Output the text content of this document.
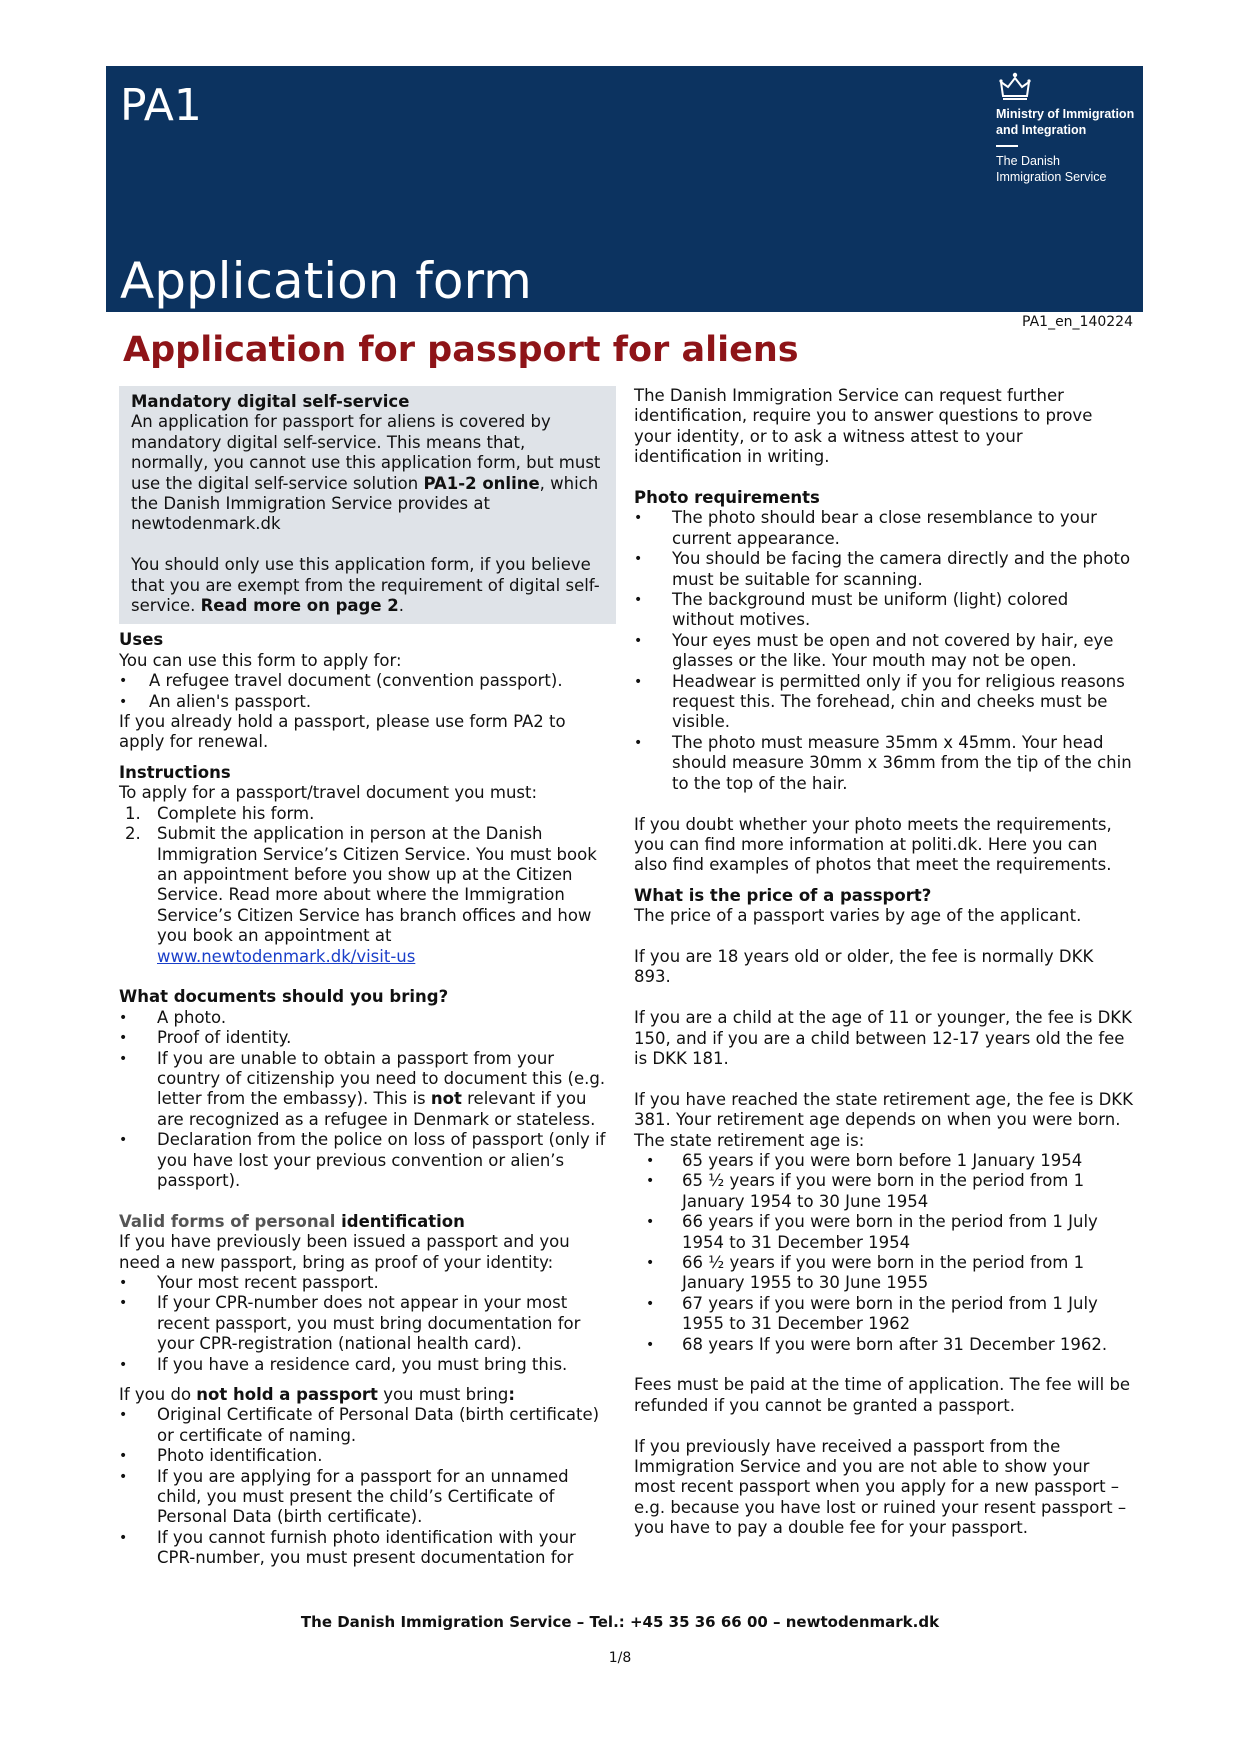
PA1	Ministry of Immigration
and Integration
The Danish
Immigration Service
Application form
PA1_en_140224
Application for passport for aliens

Mandatory digital self-service

An application for passport for aliens is covered by mandatory digital self-service. This means that, normally, you cannot use this application form, but must use the digital self-service solution PA1-2 online, which the Danish Immigration Service provides at newtodenmark.dk

You should only use this application form, if you believe that you are exempt from the requirement of digital self-service. Read more on page 2.

Uses

You can use this form to apply for:

• A refugee travel document (convention passport).
• An alien's passport.

If you already hold a passport, please use form PA2 to apply for renewal.

Instructions

To apply for a passport/travel document you must:

1. Complete his form.
2. Submit the application in person at the Danish Immigration Service’s Citizen Service. You must book an appointment before you show up at the Citizen Service. Read more about where the Immigration Service’s Citizen Service has branch offices and how you book an appointment at www.newtodenmark.dk/visit-us

What documents should you bring?

• A photo.
• Proof of identity.
• If you are unable to obtain a passport from your country of citizenship you need to document this (e.g. letter from the embassy). This is not relevant if you are recognized as a refugee in Denmark or stateless.
• Declaration from the police on loss of passport (only if you have lost your previous convention or alien’s passport).

Valid forms of personal identification

If you have previously been issued a passport and you need a new passport, bring as proof of your identity:

• Your most recent passport.
• If your CPR-number does not appear in your most recent passport, you must bring documentation for your CPR-registration (national health card).
• If you have a residence card, you must bring this.

If you do not hold a passport you must bring:

• Original Certificate of Personal Data (birth certificate) or certificate of naming.
• Photo identification.
• If you are applying for a passport for an unnamed child, you must present the child’s Certificate of Personal Data (birth certificate).
• If you cannot furnish photo identification with your CPR-number, you must present documentation for

The Danish Immigration Service can request further identification, require you to answer questions to prove your identity, or to ask a witness attest to your identification in writing.

Photo requirements

• The photo should bear a close resemblance to your current appearance.
• You should be facing the camera directly and the photo must be suitable for scanning.
• The background must be uniform (light) colored without motives.
• Your eyes must be open and not covered by hair, eye glasses or the like. Your mouth may not be open.
• Headwear is permitted only if you for religious reasons request this. The forehead, chin and cheeks must be visible.
• The photo must measure 35mm x 45mm. Your head should measure 30mm x 36mm from the tip of the chin to the top of the hair.

If you doubt whether your photo meets the requirements, you can find more information at politi.dk. Here you can also find examples of photos that meet the requirements.

What is the price of a passport?

The price of a passport varies by age of the applicant.

If you are 18 years old or older, the fee is normally DKK 893.

If you are a child at the age of 11 or younger, the fee is DKK 150, and if you are a child between 12-17 years old the fee is DKK 181.

If you have reached the state retirement age, the fee is DKK 381. Your retirement age depends on when you were born. The state retirement age is:

• 65 years if you were born before 1 January 1954
• 65 ½ years if you were born in the period from 1 January 1954 to 30 June 1954
• 66 years if you were born in the period from 1 July 1954 to 31 December 1954
• 66 ½ years if you were born in the period from 1 January 1955 to 30 June 1955
• 67 years if you were born in the period from 1 July 1955 to 31 December 1962
• 68 years If you were born after 31 December 1962.

Fees must be paid at the time of application. The fee will be refunded if you cannot be granted a passport.

If you previously have received a passport from the Immigration Service and you are not able to show your most recent passport when you apply for a new passport – e.g. because you have lost or ruined your resent passport – you have to pay a double fee for your passport.

The Danish Immigration Service – Tel.: +45 35 36 66 00 – newtodenmark.dk
1/8
